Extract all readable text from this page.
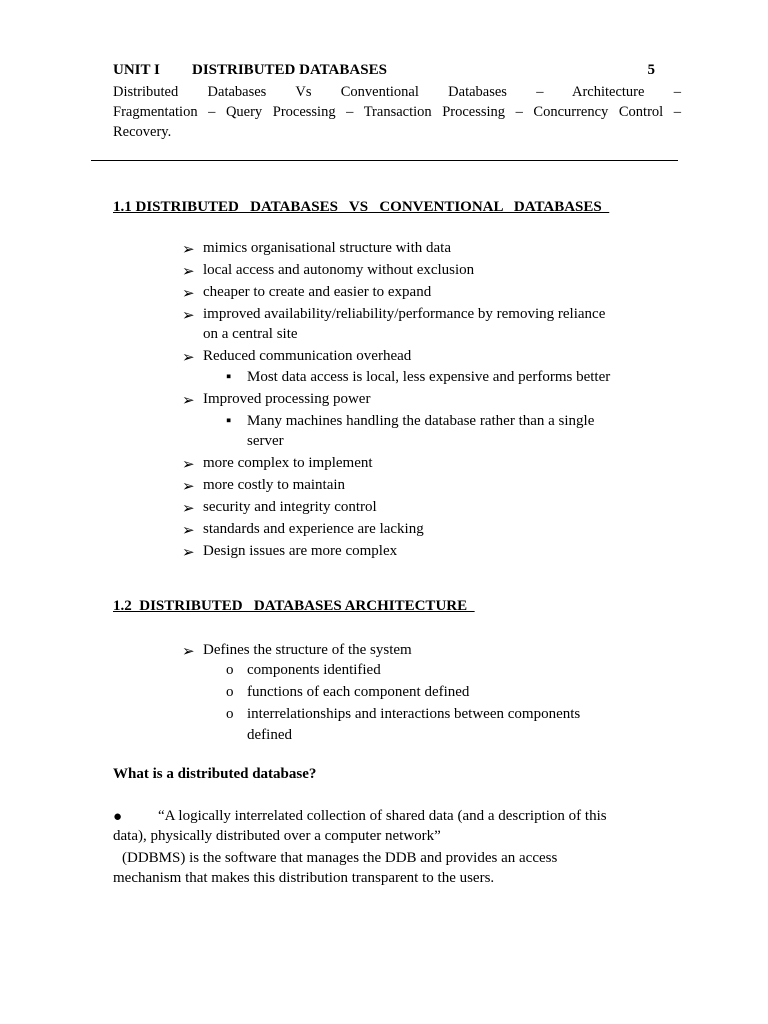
UNIT I DISTRIBUTED DATABASES	5
Distributed Databases Vs Conventional Databases – Architecture –
Fragmentation – Query Processing – Transaction Processing – Concurrency Control –
Recovery.
1.1 DISTRIBUTED   DATABASES   VS   CONVENTIONAL   DATABASES
➢ mimics organisational structure with data
➢ local access and autonomy without exclusion
➢ cheaper to create and easier to expand
➢ improved availability/reliability/performance by removing reliance
on a central site
➢ Reduced communication overhead
▪ Most data access is local, less expensive and performs better
➢ Improved processing power
▪ Many machines handling the database rather than a single
server
➢ more complex to implement
➢ more costly to maintain
➢ security and integrity control
➢ standards and experience are lacking
➢ Design issues are more complex
1.2  DISTRIBUTED   DATABASES ARCHITECTURE
➢ Defines the structure of the system
o components identified
o functions of each component defined
o interrelationships and interactions between components
defined
What is a distributed database?
● “A logically interrelated collection of shared data (and a description of this
data), physically distributed over a computer network”
(DDBMS) is the software that manages the DDB and provides an access
mechanism that makes this distribution transparent to the users.
